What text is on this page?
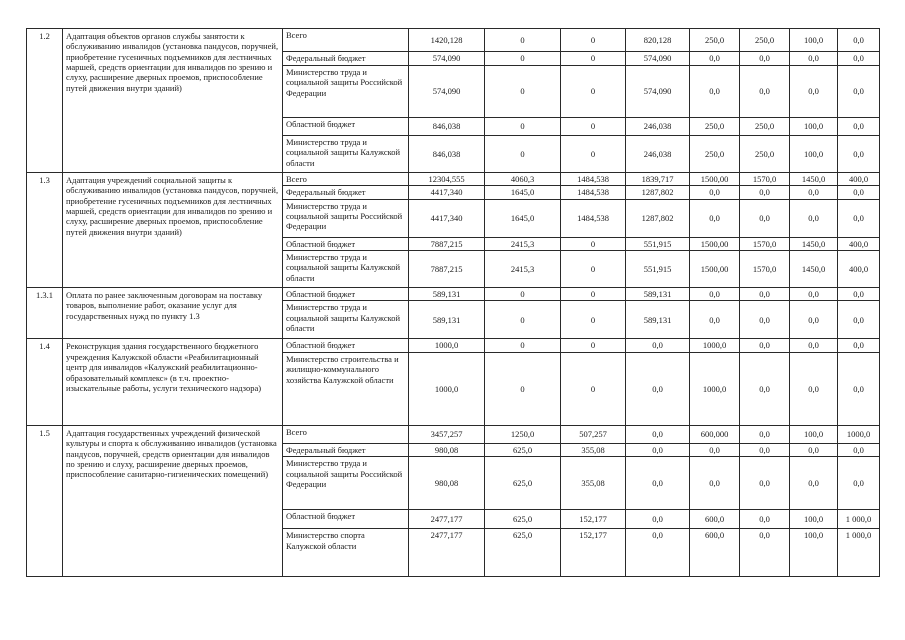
1.2	Адаптация объектов органов службы занятости к обслуживанию инвалидов (установка пандусов, поручней, приобретение гусеничных подъемников для лестничных маршей, средств ориентации для инвалидов по зрению и слуху, расширение дверных проемов, приспособление путей движения внутри зданий)	Всего	1420,128	0	0	820,128	250,0	250,0	100,0	0,0
		Федеральный бюджет	574,090	0	0	574,090	0,0	0,0	0,0	0,0
		Министерство труда и социальной защиты Российской Федерации	574,090	0	0	574,090	0,0	0,0	0,0	0,0
		Областной бюджет	846,038	0	0	246,038	250,0	250,0	100,0	0,0
		Министерство труда и социальной защиты Калужской области	846,038	0	0	246,038	250,0	250,0	100,0	0,0
1.3	Адаптация учреждений социальной защиты к обслуживанию инвалидов (установка пандусов, поручней, приобретение гусеничных подъемников для лестничных маршей, средств ориентации для инвалидов по зрению и слуху, расширение дверных проемов, приспособление путей движения внутри зданий)	Всего	12304,555	4060,3	1484,538	1839,717	1500,00	1570,0	1450,0	400,0
		Федеральный бюджет	4417,340	1645,0	1484,538	1287,802	0,0	0,0	0,0	0,0
		Министерство труда и социальной защиты Российской Федерации	4417,340	1645,0	1484,538	1287,802	0,0	0,0	0,0	0,0
		Областной бюджет	7887,215	2415,3	0	551,915	1500,00	1570,0	1450,0	400,0
		Министерство труда и социальной защиты Калужской области	7887,215	2415,3	0	551,915	1500,00	1570,0	1450,0	400,0
1.3.1	Оплата по ранее заключенным договорам на поставку товаров, выполнение работ, оказание услуг для государственных нужд по пункту 1.3	Областной бюджет	589,131	0	0	589,131	0,0	0,0	0,0	0,0
		Министерство труда и социальной защиты Калужской области	589,131	0	0	589,131	0,0	0,0	0,0	0,0
1.4	Реконструкция здания государственного бюджетного учреждения Калужской области «Реабилитационный центр для инвалидов «Калужский реабилитационно-образовательный комплекс» (в т.ч. проектно-изыскательные работы, услуги технического надзора)	Областной бюджет	1000,0	0	0	0,0	1000,0	0,0	0,0	0,0
		Министерство строительства и жилищно-коммунального хозяйства Калужской области	1000,0	0	0	0,0	1000,0	0,0	0,0	0,0
1.5	Адаптация государственных учреждений физической культуры и спорта к обслуживанию инвалидов (установка пандусов, поручней, средств ориентации для инвалидов по зрению и слуху, расширение дверных проемов, приспособление санитарно-гигиенических помещений)	Всего	3457,257	1250,0	507,257	0,0	600,000	0,0	100,0	1000,0
		Федеральный бюджет	980,08	625,0	355,08	0,0	0,0	0,0	0,0	0,0
		Министерство труда и социальной защиты Российской Федерации	980,08	625,0	355,08	0,0	0,0	0,0	0,0	0,0
		Областной бюджет	2477,177	625,0	152,177	0,0	600,0	0,0	100,0	1 000,0
		Министерство спорта Калужской области	2477,177	625,0	152,177	0,0	600,0	0,0	100,0	1 000,0
